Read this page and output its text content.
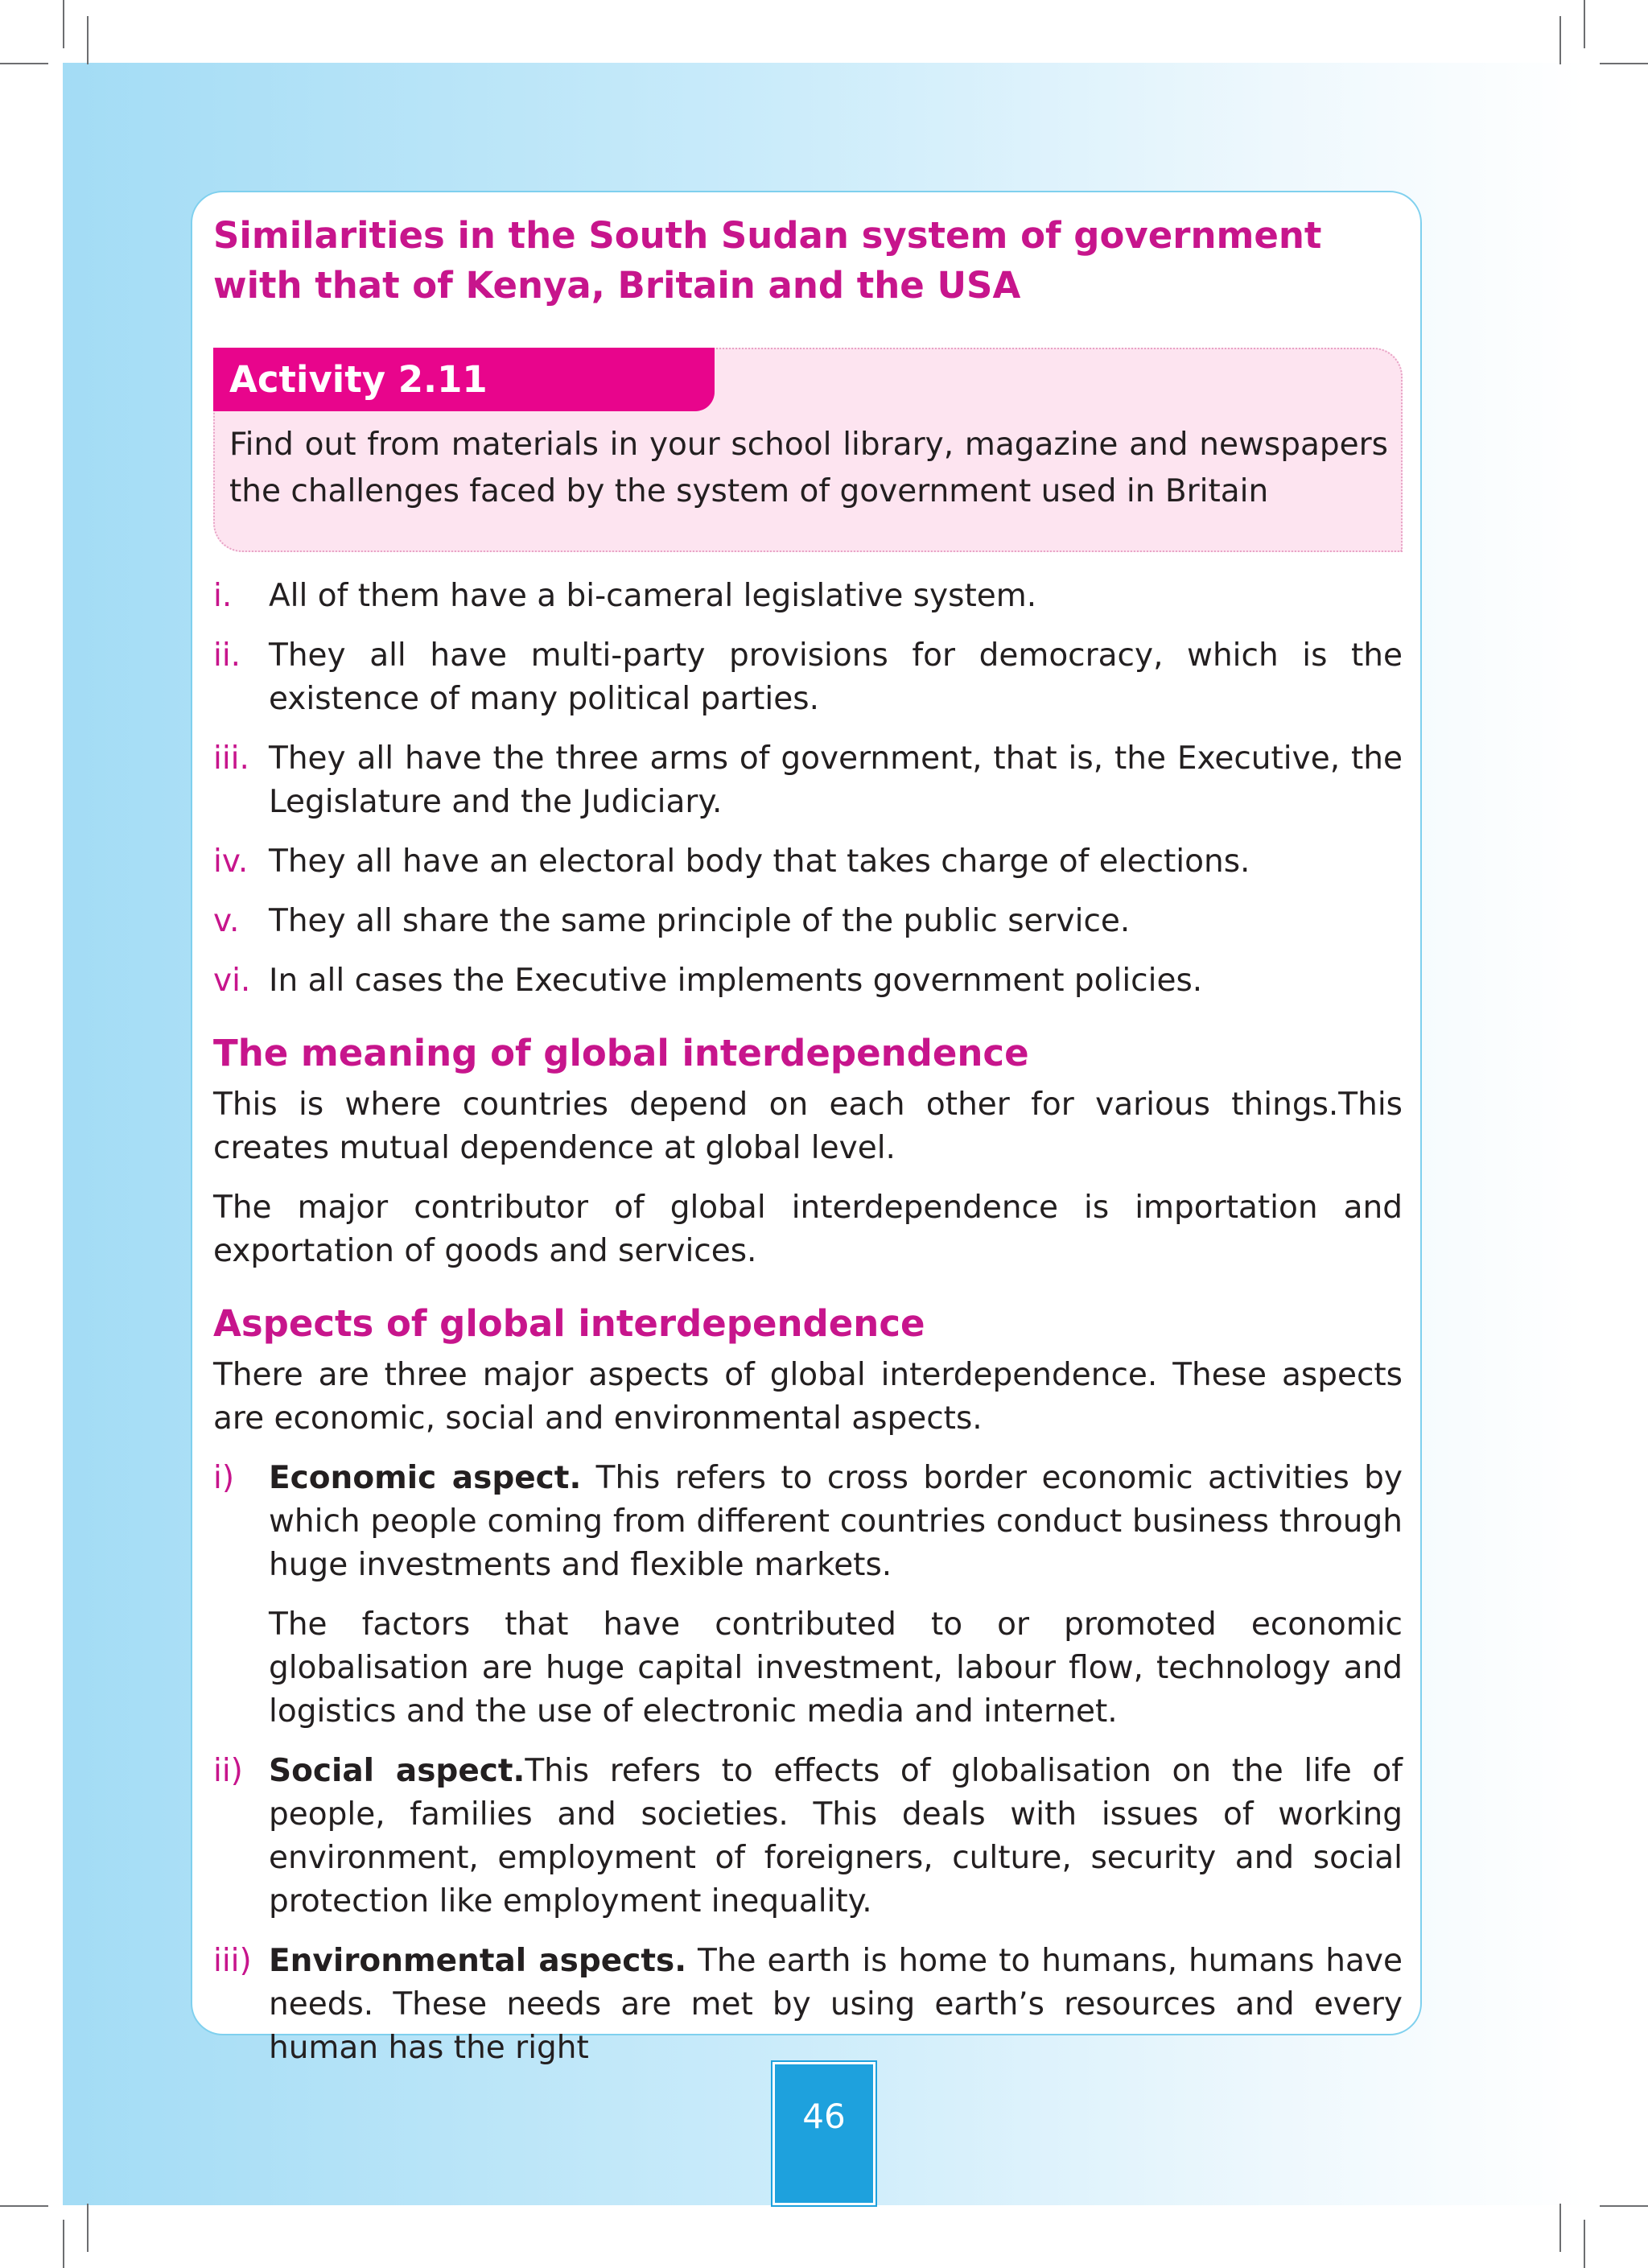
Similarities in the South Sudan system of government with that of Kenya, Britain and the USA
Activity 2.11
Find out from materials in your school library, magazine and newspapers the challenges faced by the system of government used in Britain
i. All of them have a bi-cameral legislative system.
ii. They all have multi-party provisions for democracy, which is the existence of many political parties.
iii. They all have the three arms of government, that is, the Executive, the Legislature and the Judiciary.
iv. They all have an electoral body that takes charge of elections.
v. They all share the same principle of the public service.
vi. In all cases the Executive implements government policies.
The meaning of global interdependence

This is where countries depend on each other for various things.This creates mutual dependence at global level.

The major contributor of global interdependence is importation and exportation of goods and services.

Aspects of global interdependence

There are three major aspects of global interdependence. These aspects are economic, social and environmental aspects.

i) Economic aspect. This refers to cross border economic activities by which people coming from different countries conduct business through huge investments and flexible markets.
The factors that have contributed to or promoted economic globalisation are huge capital investment, labour flow, technology and logistics and the use of electronic media and internet.
ii) Social aspect.This refers to effects of globalisation on the life of people, families and societies. This deals with issues of working environment, employment of foreigners, culture, security and social protection like employment inequality.
iii) Environmental aspects. The earth is home to humans, humans have needs. These needs are met by using earth’s resources and every human has the right
46
